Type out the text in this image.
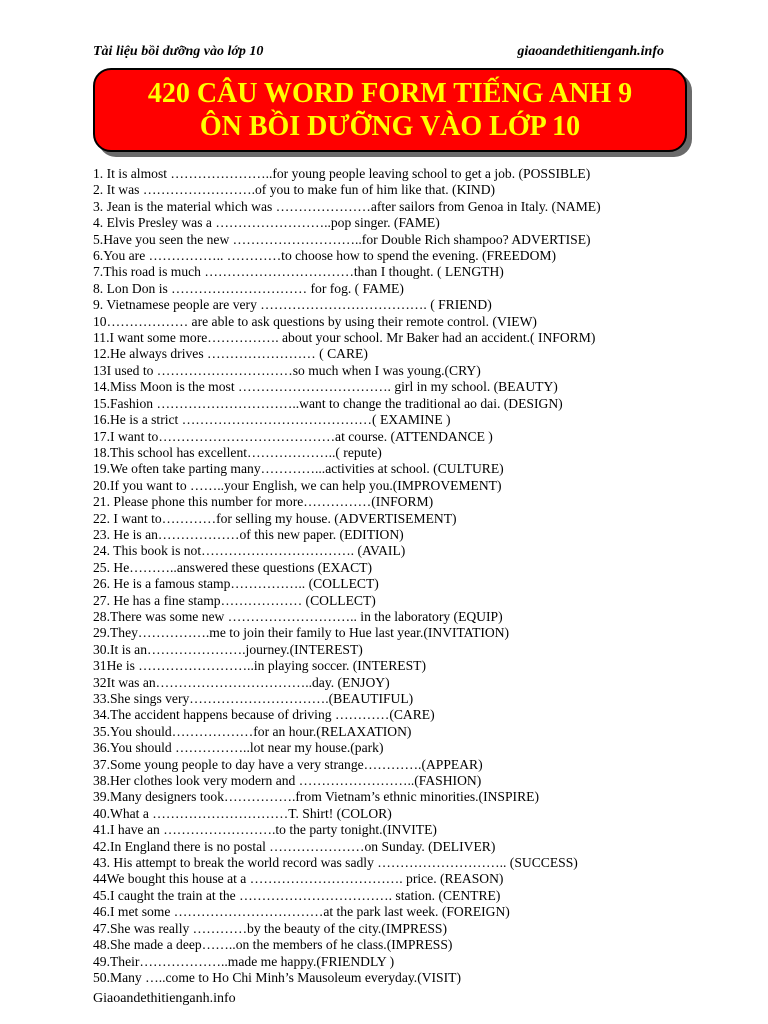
Tài liệu bồi dưỡng vào lớp 10	giaoandethitienganh.info
420 CÂU WORD FORM TIẾNG ANH 9
ÔN BỒI DƯỠNG VÀO LỚP 10
1. It is almost …………………..for young people leaving school to get a job. (POSSIBLE)
2. It was …………………….of you to make fun of him like that. (KIND)
3. Jean is the material which was …………………after sailors from Genoa in Italy. (NAME)
4. Elvis Presley was a ……………………..pop singer. (FAME)
5.Have you seen the new ………………………..for Double Rich shampoo? ADVERTISE)
6.You are …………….. …………to choose how to spend the evening. (FREEDOM)
7.This road is much ……………………………than I thought. ( LENGTH)
8. Lon Don is ………………………… for fog. ( FAME)
9. Vietnamese people are very ………………………………. ( FRIEND)
10……………… are able to ask questions by using their remote control. (VIEW)
11.I want some more……………. about your school. Mr Baker had an accident.( INFORM)
12.He always drives …………………… ( CARE)
13I used to …………………………so much when I was young.(CRY)
14.Miss Moon is the most ……………………………. girl in my school. (BEAUTY)
15.Fashion …………………………..want to change the traditional ao dai. (DESIGN)
16.He is a strict ……………………………………( EXAMINE )
17.I want to…………………………………at course. (ATTENDANCE )
18.This school has excellent………………..( repute)
19.We often take parting many…………...activities at school. (CULTURE)
20.If you want to ……..your English, we can help you.(IMPROVEMENT)
21. Please phone this number for more……………(INFORM)
22. I want to…………for selling my house. (ADVERTISEMENT)
23. He is an………………of this new paper. (EDITION)
24. This book is not……………………………. (AVAIL)
25. He………..answered these questions (EXACT)
26. He is a famous stamp…………….. (COLLECT)
27. He has a fine stamp……………… (COLLECT)
28.There was some new ……………………….. in the laboratory (EQUIP)
29.They…………….me to join their family to Hue last year.(INVITATION)
30.It is an………………….journey.(INTEREST)
31He is ……………………..in playing soccer. (INTEREST)
32It was an……………………………..day. (ENJOY)
33.She sings very………………………….(BEAUTIFUL)
34.The accident happens because of driving …………(CARE)
35.You should………………for an hour.(RELAXATION)
36.You should ……………..lot near my house.(park)
37.Some young people to day have a very strange………….(APPEAR)
38.Her clothes look very modern and ……………………..(FASHION)
39.Many designers took…………….from Vietnam’s ethnic minorities.(INSPIRE)
40.What a …………………………T. Shirt! (COLOR)
41.I have an …………………….to the party tonight.(INVITE)
42.In England there is no postal …………………on Sunday. (DELIVER)
43. His attempt to break the world record was sadly ……………………….. (SUCCESS)
44We bought this house at a ……………………………. price. (REASON)
45.I caught the train at the ……………………………. station. (CENTRE)
46.I met some ……………………………at the park last week. (FOREIGN)
47.She was really …………by the beauty of the city.(IMPRESS)
48.She made a deep……..on the members of he class.(IMPRESS)
49.Their………………..made me happy.(FRIENDLY )
50.Many …..come to Ho Chi Minh’s Mausoleum everyday.(VISIT)
Giaoandethitienganh.info
